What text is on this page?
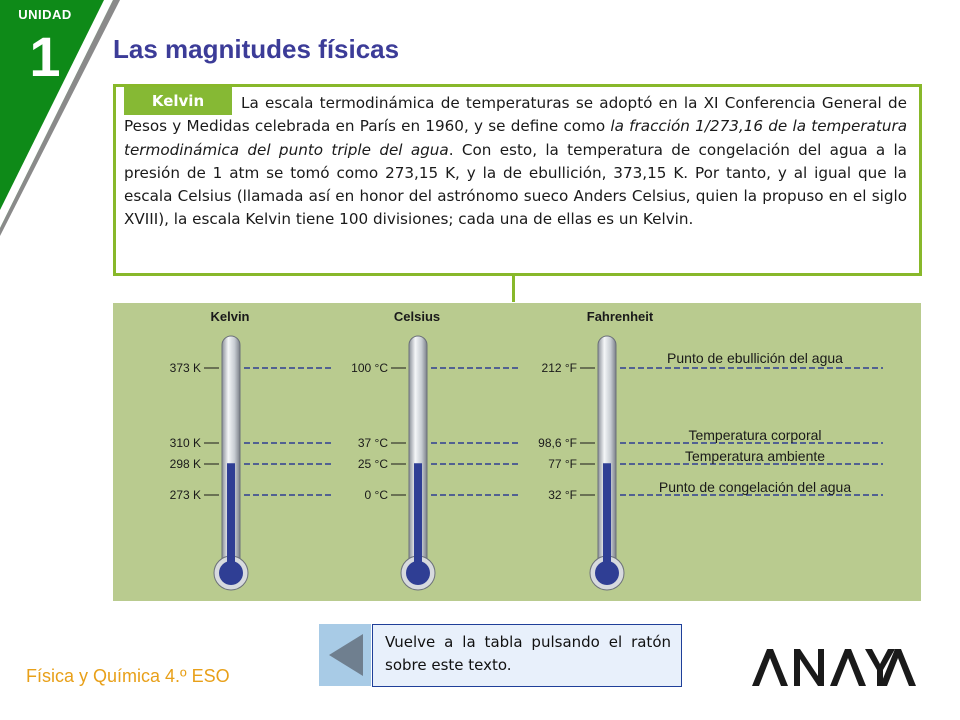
UNIDAD
1	Las magnitudes físicas
Kelvin	La escala termodinámica de temperaturas se adoptó en la XI Conferencia General de Pesos y Medidas celebrada en París en 1960, y se define como la fracción 1/273,16 de la temperatura termodinámica del punto triple del agua. Con esto, la temperatura de congelación del agua a la presión de 1 atm se tomó como 273,15 K, y la de ebullición, 373,15 K. Por tanto, y al igual que la escala Celsius (llamada así en honor del astrónomo sueco Anders Celsius, quien la propuso en el siglo XVIII), la escala Kelvin tiene 100 divisiones; cada una de ellas es un Kelvin.
Kelvin	Celsius	Fahrenheit
373 K	100 °C	212 °F
310 K	37 °C	98,6 °F
298 K	25 °C	77 °F
273 K	0 °C	32 °F
Punto de ebullición del agua
Temperatura corporal
Temperatura ambiente
Punto de congelación del agua
Vuelve a la tabla pulsando el ratón sobre este texto.
Física y Química 4.º ESO
